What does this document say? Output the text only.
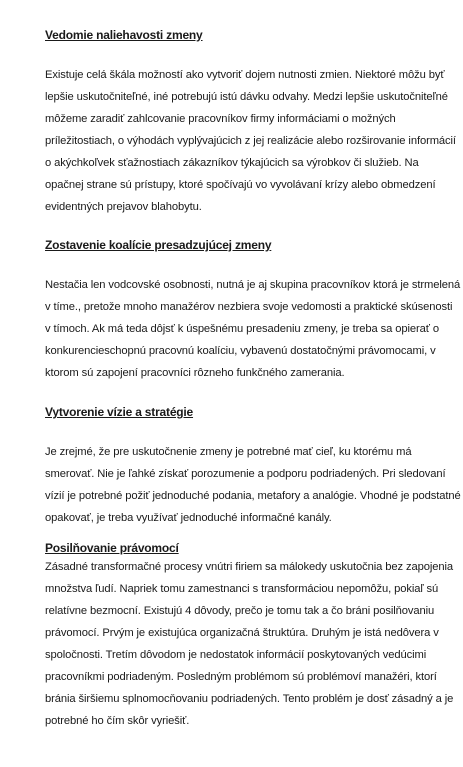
Vedomie naliehavosti zmeny
Existuje celá škála možností ako vytvoriť dojem nutnosti zmien. Niektoré môžu byť
lepšie uskutočniteľné, iné potrebujú istú dávku odvahy. Medzi lepšie uskutočniteľné
môžeme zaradiť zahlcovanie pracovníkov firmy informáciami o možných
príležitostiach, o výhodách vyplývajúcich z jej realizácie alebo rozširovanie informácií
o akýchkoľvek sťažnostiach zákazníkov týkajúcich sa výrobkov či služieb. Na
opačnej strane sú prístupy, ktoré spočívajú vo vyvolávaní krízy alebo obmedzení
evidentných prejavov blahobytu.
Zostavenie koalície presadzujúcej zmeny
Nestačia len vodcovské osobnosti, nutná je aj skupina pracovníkov ktorá je strmelená
v tíme., pretože mnoho manažérov nezbiera svoje vedomosti a praktické skúsenosti
v tímoch. Ak má teda dôjsť k úspešnému presadeniu zmeny, je treba sa opierať o
konkurencieschopnú pracovnú koalíciu, vybavenú dostatočnými právomocami, v
ktorom sú zapojení pracovníci rôzneho funkčného zamerania.
Vytvorenie vízie a stratégie
Je zrejmé, že pre uskutočnenie zmeny je potrebné mať cieľ, ku ktorému má
smerovať. Nie je ľahké získať porozumenie a podporu podriadených. Pri sledovaní
vízií je potrebné požiť jednoduché podania, metafory a analógie. Vhodné je podstatné
opakovať, je treba využívať jednoduché informačné kanály.
Posilňovanie právomocí
Zásadné transformačné procesy vnútri firiem sa málokedy uskutočnia bez zapojenia
množstva ľudí. Napriek tomu zamestnanci s transformáciou nepomôžu, pokiaľ sú
relatívne bezmocní. Existujú 4 dôvody, prečo je tomu tak a čo bráni posilňovaniu
právomocí. Prvým je existujúca organizačná štruktúra. Druhým je istá nedôvera v
spoločnosti. Tretím dôvodom je nedostatok informácií poskytovaných vedúcimi
pracovníkmi podriadeným. Posledným problémom sú problémoví manažéri, ktorí
bránia širšiemu splnomocňovaniu podriadených. Tento problém je dosť zásadný a je
potrebné ho čím skôr vyriešiť.
